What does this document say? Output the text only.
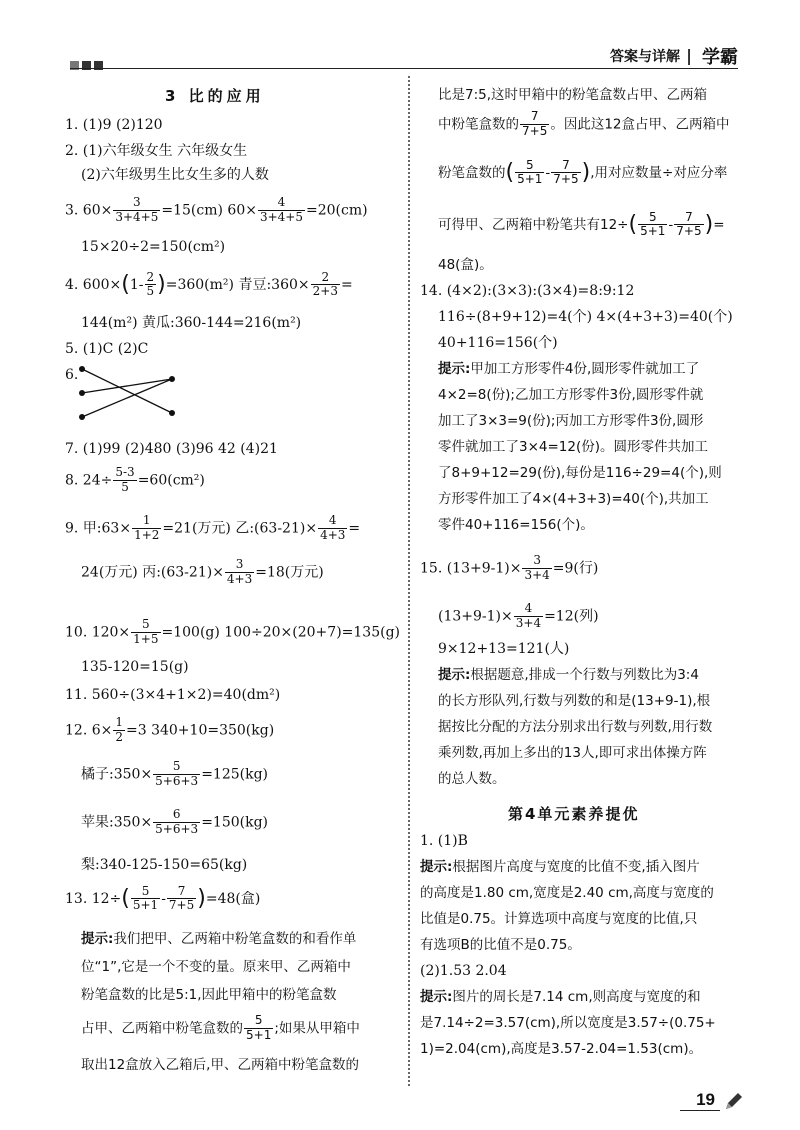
答案与详解 | 学霸
3 比的应用
1. (1)9 (2)120
2. (1)六年级女生 六年级女生
(2)六年级男生比女生多的人数
3. $60\times \frac{3}{3+4+5} =15(cm)$ $60\times \frac{4}{3+4+5} =20(cm)$
15×20÷2=150(cm²)
4. $600\times(1- \frac{2}{5} )=360(m^2)$ 青豆:360× $\frac{2}{2+3}$ =
144(m²) 黄瓜:360-144=216(m²)
5. (1)C (2)C
6.
7. (1)99 (2)480 (3)96 42 (4)21
8. $24\div \frac{5-3}{5} =60(cm^2)$
9. 甲:63× $\frac{1}{1+2} =21$(万元) 乙:(63-21)× $\frac{4}{4+3}$ =
24(万元) 丙:(63-21)× $\frac{3}{4+3} =18$(万元)
10. $120\times \frac{5}{1+5} =100(g)$ 100÷20×(20+7)=135(g)
135-120=15(g)
11. 560÷(3×4+1×2)=40(dm²)
12. $6\times \frac{1}{2} =3$ 340+10=350(kg)
橘子:350× $\frac{5}{5+6+3} =125(kg)$
苹果:350× $\frac{6}{5+6+3} =150(kg)$
梨:340-125-150=65(kg)
13. $12\div( \frac{5}{5+1} - \frac{7}{7+5} )=48$(盒)
提示:我们把甲、乙两箱中粉笔盒数的和看作单
位“1”,它是一个不变的量。原来甲、乙两箱中
粉笔盒数的比是5:1,因此甲箱中的粉笔盒数
占甲、乙两箱中粉笔盒数的 $\frac{5}{5+1}$ ;如果从甲箱中
取出12盒放入乙箱后,甲、乙两箱中粉笔盒数的
比是7:5,这时甲箱中的粉笔盒数占甲、乙两箱
中粉笔盒数的 $\frac{7}{7+5}$ 。因此这12盒占甲、乙两箱中
粉笔盒数的( $\frac{5}{5+1} - \frac{7}{7+5}$ ),用对应数量÷对应分率
可得甲、乙两箱中粉笔共有$12\div( \frac{5}{5+1} - \frac{7}{7+5}$ )=
48(盒)。
14. (4×2):(3×3):(3×4)=8:9:12
116÷(8+9+12)=4(个) 4×(4+3+3)=40(个)
40+116=156(个)
提示:甲加工方形零件4份,圆形零件就加工了
4×2=8(份);乙加工方形零件3份,圆形零件就
加工了3×3=9(份);丙加工方形零件3份,圆形
零件就加工了3×4=12(份)。圆形零件共加工
了8+9+12=29(份),每份是116÷29=4(个),则
方形零件加工了4×(4+3+3)=40(个),共加工
零件40+116=156(个)。
15. $(13+9-1)\times \frac{3}{3+4} =9$(行)
$(13+9-1)\times \frac{4}{3+4} =12$(列)
9×12+13=121(人)
提示:根据题意,排成一个行数与列数比为3:4
的长方形队列,行数与列数的和是(13+9-1),根
据按比分配的方法分别求出行数与列数,用行数
乘列数,再加上多出的13人,即可求出体操方阵
的总人数。
第4单元素养提优
1. (1)B
提示:根据图片高度与宽度的比值不变,插入图片
的高度是1.80 cm,宽度是2.40 cm,高度与宽度的
比值是0.75。计算选项中高度与宽度的比值,只
有选项B的比值不是0.75。
(2)1.53 2.04
提示:图片的周长是7.14 cm,则高度与宽度的和
是7.14÷2=3.57(cm),所以宽度是3.57÷(0.75+
1)=2.04(cm),高度是3.57-2.04=1.53(cm)。
19
